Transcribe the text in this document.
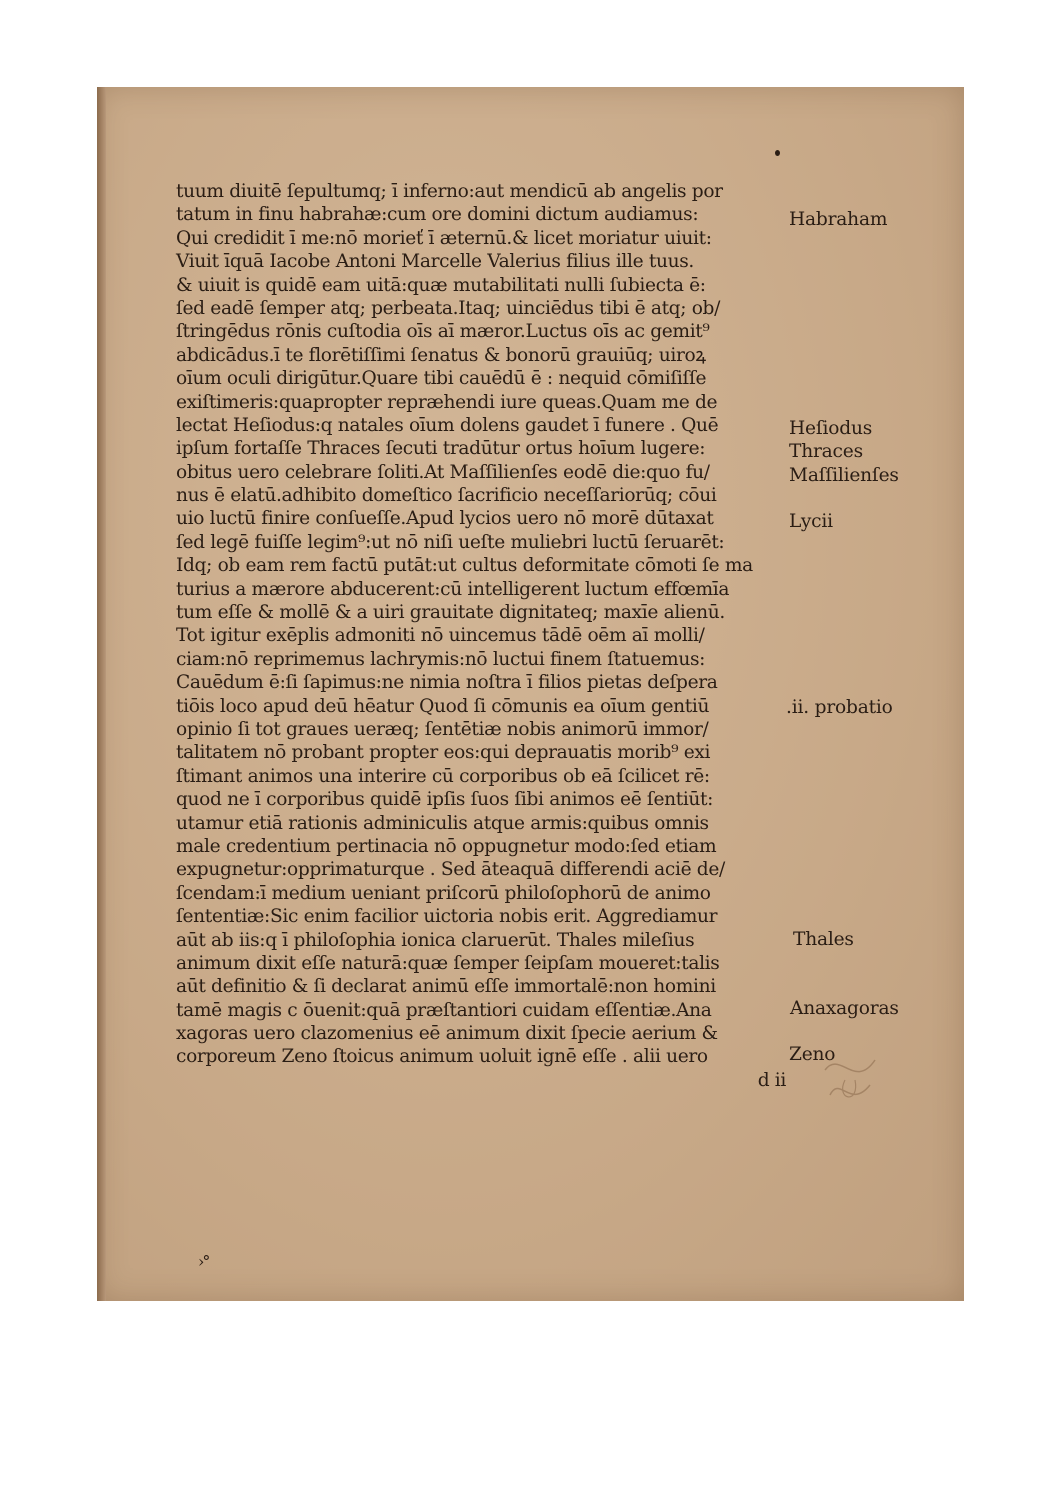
tuum diuitē ſepultumq; ī inferno:aut mendicū ab angelis por
tatum in finu habrahæ:cum ore domini dictum audiamus:
Qui credidit ī me:nō morieť ī æternū.& licet moriatur uiuit:
Viuit īquā Iacobe Antoni Marcelle Valerius filius ille tuus.
& uiuit is quidē eam uitā:quæ mutabilitati nulli ſubiecta ē:
ſed eadē ſemper atq; perbeata.Itaq; uinciēdus tibi ē atq; ob/
ſtringēdus rōnis cuſtodia oīs aī mæror.Luctus oīs ac gemit⁹
abdicādus.ī te florētiſſimi ſenatus & bonorū grauiūq; uiroꝝ
oīum oculi dirigūtur.Quare tibi cauēdū ē : nequid cōmiſiſſe
exiſtimeris:quapropter repræhendi iure queas.Quam me de
lectat Heſiodus:q natales oīum dolens gaudet ī funere . Quē
ipſum fortaſſe Thraces ſecuti tradūtur ortus hoīum lugere:
obitus uero celebrare ſoliti.At Maſſilienſes eodē die:quo fu/
nus ē elatū.adhibito domeſtico ſacrificio neceſſariorūq; cōui
uio luctū finire conſueſſe.Apud lycios uero nō morē dūtaxat
ſed legē fuiſſe legim⁹:ut nō niſi ueſte muliebri luctū ſeruarēt:
Idq; ob eam rem factū putāt:ut cultus deformitate cōmoti ſe ma
turius a mærore abducerent:cū intelligerent luctum effœmīa
tum eſſe & mollē & a uiri grauitate dignitateq; maxīe alienū.
Tot igitur exēplis admoniti nō uincemus tādē oēm aī molli/
ciam:nō reprimemus lachrymis:nō luctui finem ſtatuemus:
Cauēdum ē:ſi ſapimus:ne nimia noſtra ī filios pietas deſpera
tiōis loco apud deū hēatur Quod ſi cōmunis ea oīum gentiū
opinio ſi tot graues ueræq; ſentētiæ nobis animorū immor/
talitatem nō probant propter eos:qui deprauatis morib⁹ exi
ſtimant animos una interire cū corporibus ob eā ſcilicet rē:
quod ne ī corporibus quidē ipſis ſuos ſibi animos eē ſentiūt:
utamur etiā rationis adminiculis atque armis:quibus omnis
male credentium pertinacia nō oppugnetur modo:ſed etiam
expugnetur:opprimaturque . Sed āteaquā differendi aciē de/
ſcendam:ī medium ueniant priſcorū philoſophorū de animo
ſententiæ:Sic enim facilior uictoria nobis erit. Aggrediamur
aūt ab iis:q ī philoſophia ionica claruerūt. Thales mileſius
animum dixit eſſe naturā:quæ ſemper ſeipſam moueret:talis
aūt definitio & ſi declarat animū eſſe immortalē:non homini
tamē magis c ōuenit:quā præſtantiori cuidam eſſentiæ.Ana
xagoras uero clazomenius eē animum dixit ſpecie aerium &
corporeum Zeno ſtoicus animum uoluit ignē eſſe . alii uero
d ii
Habraham
Heſiodus
Thraces
Maſſilienſes
Lycii
.ii. probatio
Thales
Anaxagoras
Zeno
›°
